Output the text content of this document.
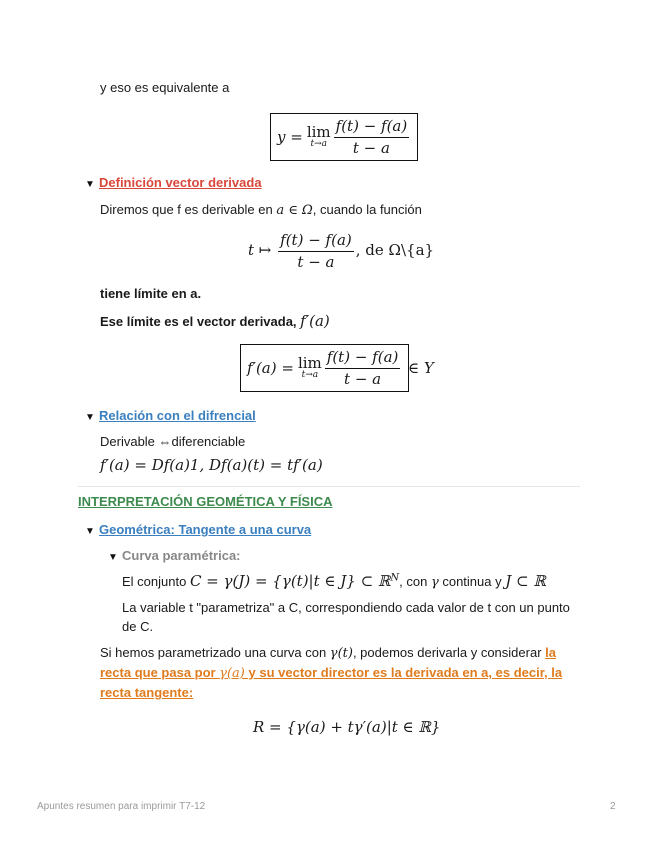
y eso es equivalente a
y = lim
$t\to a \frac{f(t) - f(a)}{t - a}$
▼ Definición vector derivada
Diremos que f es derivable en a ∈ Ω, cuando la función
t ↦ $\frac{f(t) - f(a)}{t - a}$ , de Ω\{a}
tiene límite en a.
Ese límite es el vector derivada, f′(a)
f′(a) = lim
$t\to a \frac{f(t) - f(a)}{t - a}$ ∈ Y
▼ Relación con el difrencial
Derivable ⇔diferenciable
f′(a) = Df(a)1, Df(a)(t) = tf′(a)
INTERPRETACIÓN GEOMÉTICA Y FÍSICA
▼ Geométrica: Tangente a una curva
▼ Curva paramétrica:
El conjunto C = γ(J) = {γ(t)|t ∈ J} ⊂ ℝ$^N$, con γ continua y J ⊂ ℝ
La variable t "parametriza" a C, correspondiendo cada valor de t con un punto
de C.
Si hemos parametrizado una curva con γ(t), podemos derivarla y considerar la
recta que pasa por γ(a) y su vector director es la derivada en a, es decir, la
recta tangente:
R = {γ(a) + tγ′(a)|t ∈ ℝ}
Apuntes resumen para imprimir T7-12	2
